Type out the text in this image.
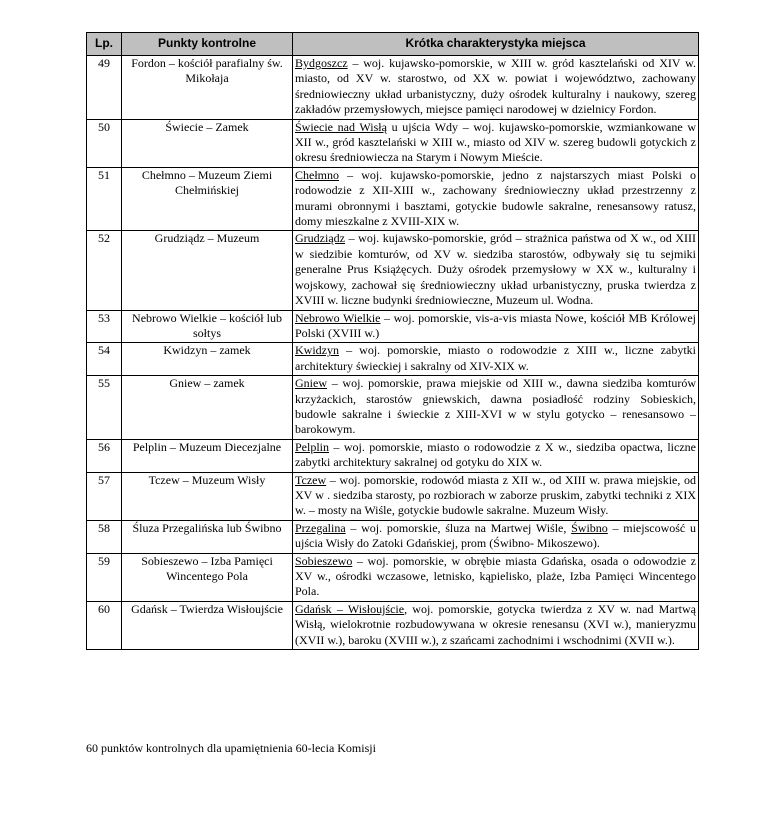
Lp.	Punkty kontrolne	Krótka charakterystyka miejsca
49	Fordon – kościół parafialny św. Mikołaja	Bydgoszcz – woj. kujawsko-pomorskie, w XIII w. gród kasztelański od XIV w. miasto, od XV w. starostwo, od XX w. powiat i województwo, zachowany średniowieczny układ urbanistyczny, duży ośrodek kulturalny i naukowy, szereg zakładów przemysłowych, miejsce pamięci narodowej w dzielnicy Fordon.
50	Świecie – Zamek	Świecie nad Wisłą u ujścia Wdy – woj. kujawsko-pomorskie, wzmiankowane w XII w., gród kasztelański w XIII w., miasto od XIV w. szereg budowli gotyckich z okresu średniowiecza na Starym i Nowym Mieście.
51	Chełmno – Muzeum Ziemi Chełmińskiej	Chełmno – woj. kujawsko-pomorskie, jedno z najstarszych miast Polski o rodowodzie z XII-XIII w., zachowany średniowieczny układ przestrzenny z murami obronnymi i basztami, gotyckie budowle sakralne, renesansowy ratusz, domy mieszkalne z XVIII-XIX w.
52	Grudziądz – Muzeum	Grudziądz – woj. kujawsko-pomorskie, gród – strażnica państwa od X w., od XIII w siedzibie komturów, od XV w. siedziba starostów, odbywały się tu sejmiki generalne Prus Książęcych. Duży ośrodek przemysłowy w XX w., kulturalny i wojskowy, zachował się średniowieczny układ urbanistyczny, pruska twierdza z XVIII w. liczne budynki średniowieczne, Muzeum ul. Wodna.
53	Nebrowo Wielkie – kościół lub sołtys	Nebrowo Wielkie – woj. pomorskie, vis-a-vis miasta Nowe, kościół MB Królowej Polski (XVIII w.)
54	Kwidzyn – zamek	Kwidzyn – woj. pomorskie, miasto o rodowodzie z XIII w., liczne zabytki architektury świeckiej i sakralny od XIV-XIX w.
55	Gniew – zamek	Gniew – woj. pomorskie, prawa miejskie od XIII w., dawna siedziba komturów krzyżackich, starostów gniewskich, dawna posiadłość rodziny Sobieskich, budowle sakralne i świeckie z XIII-XVI w w stylu gotycko – renesansowo – barokowym.
56	Pelplin – Muzeum Diecezjalne	Pelplin – woj. pomorskie, miasto o rodowodzie z X w., siedziba opactwa, liczne zabytki architektury sakralnej od gotyku do XIX w.
57	Tczew – Muzeum Wisły	Tczew – woj. pomorskie, rodowód miasta z XII w., od XIII w. prawa miejskie, od XV w . siedziba starosty, po rozbiorach w zaborze pruskim, zabytki techniki z XIX w. – mosty na Wiśle, gotyckie budowle sakralne. Muzeum Wisły.
58	Śluza Przegalińska lub Świbno	Przegalina – woj. pomorskie, śluza na Martwej Wiśle, Świbno – miejscowość u ujścia Wisły do Zatoki Gdańskiej, prom (Świbno- Mikoszewo).
59	Sobieszewo – Izba Pamięci Wincentego Pola	Sobieszewo – woj. pomorskie, w obrębie miasta Gdańska, osada o odowodzie z XV w., ośrodki wczasowe, letnisko, kąpielisko, plaże, Izba Pamięci Wincentego Pola.
60	Gdańsk – Twierdza Wisłoujście	Gdańsk – Wisłoujście, woj. pomorskie, gotycka twierdza z XV w. nad Martwą Wisłą, wielokrotnie rozbudowywana w okresie renesansu (XVI w.), manieryzmu (XVII w.), baroku (XVIII w.), z szańcami zachodnimi i wschodnimi (XVII w.).
60 punktów kontrolnych dla upamiętnienia 60-lecia Komisji
